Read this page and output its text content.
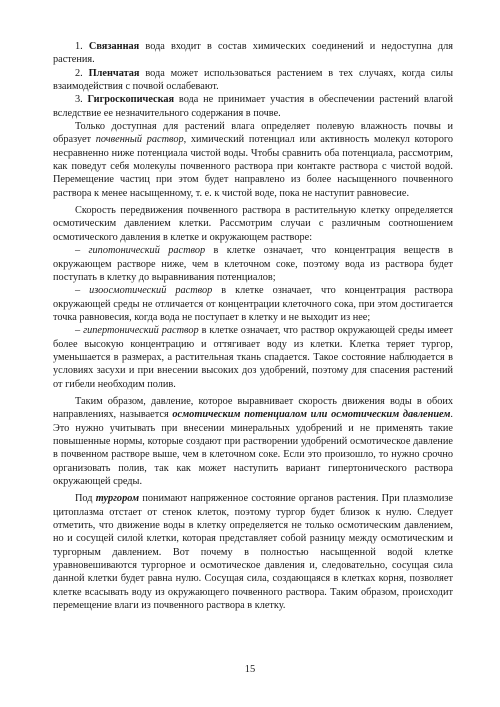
1. Связанная вода входит в состав химических соединений и недоступна для растения.

2. Пленчатая вода может использоваться растением в тех случаях, когда силы взаимодействия с почвой ослабевают.

3. Гигроскопическая вода не принимает участия в обеспечении растений влагой вследствие ее незначительного содержания в почве.

Только доступная для растений влага определяет полевую влажность почвы и образует почвенный раствор, химический потенциал или активность молекул которого несравненно ниже потенциала чистой воды. Чтобы сравнить оба потенциала, рассмотрим, как поведут себя молекулы почвенного раствора при контакте раствора с чистой водой. Перемещение частиц при этом будет направлено из более насыщенного почвенного раствора к менее насыщенному, т. е. к чистой воде, пока не наступит равновесие.

Скорость передвижения почвенного раствора в растительную клетку определяется осмотическим давлением клетки. Рассмотрим случаи с различным соотношением осмотического давления в клетке и окружающем растворе:

– гипотонический раствор в клетке означает, что концентрация веществ в окружающем растворе ниже, чем в клеточном соке, поэтому вода из раствора будет поступать в клетку до выравнивания потенциалов;

– изоосмотический раствор в клетке означает, что концентрация раствора окружающей среды не отличается от концентрации клеточного сока, при этом достигается точка равновесия, когда вода не поступает в клетку и не выходит из нее;

– гипертонический раствор в клетке означает, что раствор окружающей среды имеет более высокую концентрацию и оттягивает воду из клетки. Клетка теряет тургор, уменьшается в размерах, а растительная ткань спадается. Такое состояние наблюдается в условиях засухи и при внесении высоких доз удобрений, поэтому для спасения растений от гибели необходим полив.

Таким образом, давление, которое выравнивает скорость движения воды в обоих направлениях, называется осмотическим потенциалом или осмотическим давлением. Это нужно учитывать при внесении минеральных удобрений и не применять такие повышенные нормы, которые создают при растворении удобрений осмотическое давление в почвенном растворе выше, чем в клеточном соке. Если это произошло, то нужно срочно организовать полив, так как может наступить вариант гипертонического раствора окружающей среды.

Под тургором понимают напряженное состояние органов растения. При плазмолизе цитоплазма отстает от стенок клеток, поэтому тургор будет близок к нулю. Следует отметить, что движение воды в клетку определяется не только осмотическим давлением, но и сосущей силой клетки, которая представляет собой разницу между осмотическим и тургорным давлением. Вот почему в полностью насыщенной водой клетке уравновешиваются тургорное и осмотическое давления и, следовательно, сосущая сила данной клетки будет равна нулю. Сосущая сила, создающаяся в клетках корня, позволяет клетке всасывать воду из окружающего почвенного раствора. Таким образом, происходит перемещение влаги из почвенного раствора в клетку.

15
